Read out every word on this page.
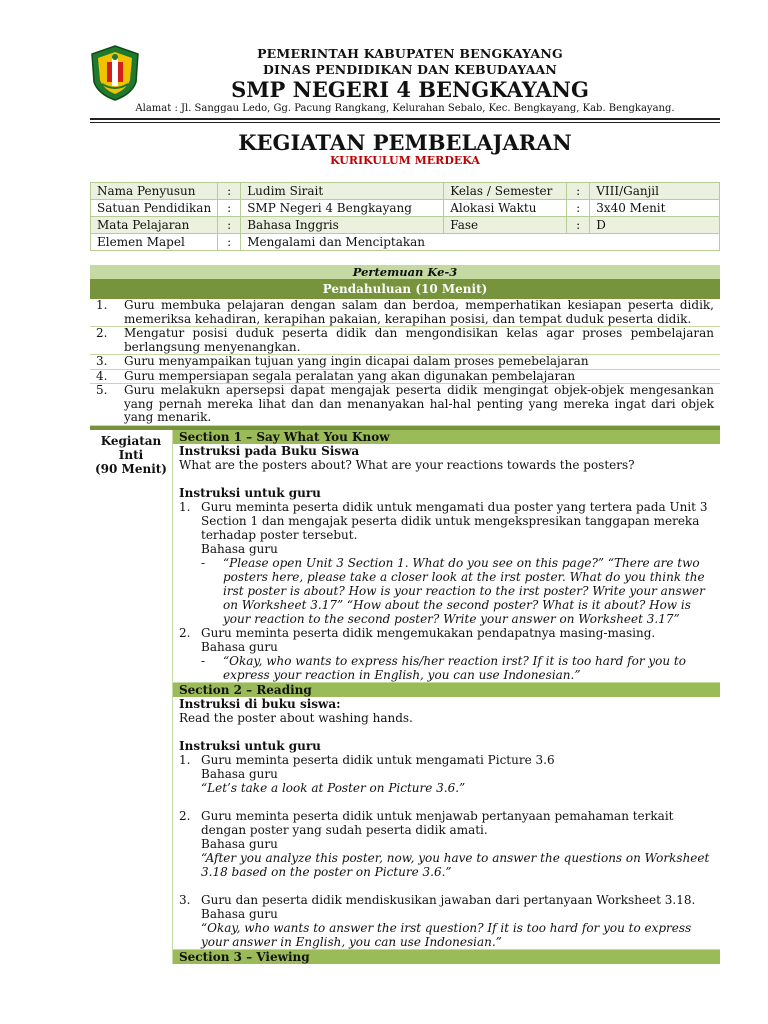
PEMERINTAH KABUPATEN BENGKAYANG
DINAS PENDIDIKAN DAN KEBUDAYAAN
SMP NEGERI 4 BENGKAYANG
Alamat : Jl. Sanggau Ledo, Gg. Pacung Rangkang, Kelurahan Sebalo, Kec. Bengkayang, Kab. Bengkayang.
KEGIATAN PEMBELAJARAN
KURIKULUM MERDEKA
Nama Penyusun	:	Ludim Sirait	Kelas / Semester	:	VIII/Ganjil
Satuan Pendidikan	:	SMP Negeri 4 Bengkayang	Alokasi Waktu	:	3x40 Menit
Mata Pelajaran	:	Bahasa Inggris	Fase	:	D
Elemen Mapel	:	Mengalami dan Menciptakan			
Pertemuan Ke-3
Pendahuluan (10 Menit)
1.	Guru membuka pelajaran dengan salam dan berdoa, memperhatikan kesiapan peserta didik, memeriksa kehadiran, kerapihan pakaian, kerapihan posisi, dan tempat duduk peserta didik.
2.	Mengatur posisi duduk peserta didik dan mengondisikan kelas agar proses pembelajaran berlangsung menyenangkan.
3.	Guru menyampaikan tujuan yang ingin dicapai dalam proses pemebelajaran
4.	Guru mempersiapan segala peralatan yang akan digunakan pembelajaran
5.	Guru melakukn apersepsi dapat mengajak peserta didik mengingat objek-objek mengesankan yang pernah mereka lihat dan dan menanyakan hal-hal penting yang mereka ingat dari objek yang menarik.
Kegiatan
Inti
(90 Menit)
Section 1 – Say What You Know
Instruksi pada Buku Siswa
What are the posters about? What are your reactions towards the posters?
Instruksi untuk guru
1. Guru meminta peserta didik untuk mengamati dua poster yang tertera pada Unit 3 Section 1 dan mengajak peserta didik untuk mengekspresikan tanggapan mereka terhadap poster tersebut.
Bahasa guru
-	“Please open Unit 3 Section 1. What do you see on this page?” “There are two posters here, please take a closer look at the irst poster. What do you think the irst poster is about? How is your reaction to the irst poster? Write your answer on Worksheet 3.17” “How about the second poster? What is it about? How is your reaction to the second poster? Write your answer on Worksheet 3.17”
2. Guru meminta peserta didik mengemukakan pendapatnya masing-masing.
Bahasa guru
-	“Okay, who wants to express his/her reaction irst? If it is too hard for you to express your reaction in English, you can use Indonesian.”
Section 2 – Reading
Instruksi di buku siswa:
Read the poster about washing hands.
Instruksi untuk guru
1. Guru meminta peserta didik untuk mengamati Picture 3.6
Bahasa guru
“Let’s take a look at Poster on Picture 3.6.”
2. Guru meminta peserta didik untuk menjawab pertanyaan pemahaman terkait dengan poster yang sudah peserta didik amati.
Bahasa guru
“After you analyze this poster, now, you have to answer the questions on Worksheet 3.18 based on the poster on Picture 3.6.”
3. Guru dan peserta didik mendiskusikan jawaban dari pertanyaan Worksheet 3.18.
Bahasa guru
“Okay, who wants to answer the irst question? If it is too hard for you to express your answer in English, you can use Indonesian.”
Section 3 – Viewing
